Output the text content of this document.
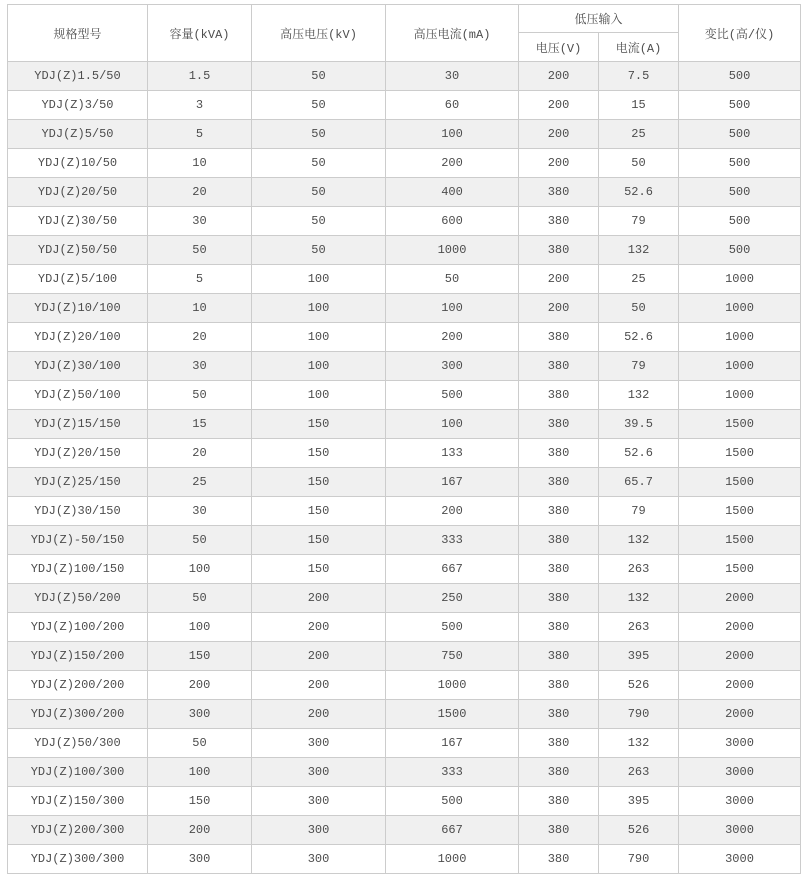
规格型号	容量(kVA)	高压电压(kV)	高压电流(mA)	低压输入		变比(高/仪)
				电压(V)	电流(A)	
YDJ(Z)1.5/50	1.5	50	30	200	7.5	500
YDJ(Z)3/50	3	50	60	200	15	500
YDJ(Z)5/50	5	50	100	200	25	500
YDJ(Z)10/50	10	50	200	200	50	500
YDJ(Z)20/50	20	50	400	380	52.6	500
YDJ(Z)30/50	30	50	600	380	79	500
YDJ(Z)50/50	50	50	1000	380	132	500
YDJ(Z)5/100	5	100	50	200	25	1000
YDJ(Z)10/100	10	100	100	200	50	1000
YDJ(Z)20/100	20	100	200	380	52.6	1000
YDJ(Z)30/100	30	100	300	380	79	1000
YDJ(Z)50/100	50	100	500	380	132	1000
YDJ(Z)15/150	15	150	100	380	39.5	1500
YDJ(Z)20/150	20	150	133	380	52.6	1500
YDJ(Z)25/150	25	150	167	380	65.7	1500
YDJ(Z)30/150	30	150	200	380	79	1500
YDJ(Z)-50/150	50	150	333	380	132	1500
YDJ(Z)100/150	100	150	667	380	263	1500
YDJ(Z)50/200	50	200	250	380	132	2000
YDJ(Z)100/200	100	200	500	380	263	2000
YDJ(Z)150/200	150	200	750	380	395	2000
YDJ(Z)200/200	200	200	1000	380	526	2000
YDJ(Z)300/200	300	200	1500	380	790	2000
YDJ(Z)50/300	50	300	167	380	132	3000
YDJ(Z)100/300	100	300	333	380	263	3000
YDJ(Z)150/300	150	300	500	380	395	3000
YDJ(Z)200/300	200	300	667	380	526	3000
YDJ(Z)300/300	300	300	1000	380	790	3000
